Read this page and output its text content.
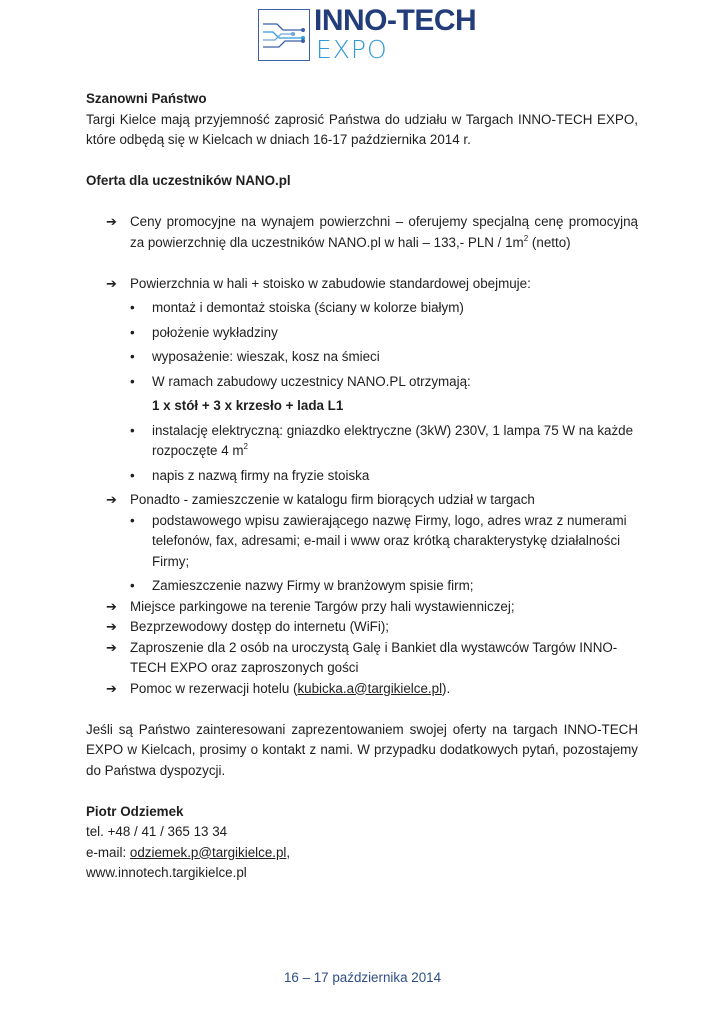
INNO-TECH
EXPO

Szanowni Państwo

Targi Kielce mają przyjemność zaprosić Państwa do udziału w Targach INNO-TECH EXPO, które odbędą się w Kielcach w dniach 16-17 października 2014 r.

Oferta dla uczestników NANO.pl

➔ Ceny promocyjne na wynajem powierzchni – oferujemy specjalną cenę promocyjną za powierzchnię dla uczestników NANO.pl w hali – 133,- PLN / $1m^2$ (netto)
➔ Powierzchnia w hali + stoisko w zabudowie standardowej obejmuje:
• montaż i demontaż stoiska (ściany w kolorze białym)
• położenie wykładziny
• wyposażenie: wieszak, kosz na śmieci
• W ramach zabudowy uczestnicy NANO.PL otrzymają:

1 x stół + 3 x krzesło + lada L1

• instalację elektryczną: gniazdko elektryczne (3kW) 230V, 1 lampa 75 W na każde rozpoczęte 4 $m^2$
• napis z nazwą firmy na fryzie stoiska
➔ Ponadto - zamieszczenie w katalogu firm biorących udział w targach
• podstawowego wpisu zawierającego nazwę Firmy, logo, adres wraz z numerami telefonów, fax, adresami; e-mail i www oraz krótką charakterystykę działalności Firmy;
• Zamieszczenie nazwy Firmy w branżowym spisie firm;
➔ Miejsce parkingowe na terenie Targów przy hali wystawienniczej;
➔ Bezprzewodowy dostęp do internetu (WiFi);
➔ Zaproszenie dla 2 osób na uroczystą Galę i Bankiet dla wystawców Targów INNO-TECH EXPO oraz zaproszonych gości
➔ Pomoc w rezerwacji hotelu (kubicka.a@targikielce.pl).

Jeśli są Państwo zainteresowani zaprezentowaniem swojej oferty na targach INNO-TECH EXPO w Kielcach, prosimy o kontakt z nami. W przypadku dodatkowych pytań, pozostajemy do Państwa dyspozycji.

Piotr Odziemek

tel. +48 / 41 / 365 13 34

e-mail: odziemek.p@targikielce.pl,

www.innotech.targikielce.pl

16 – 17 października 2014
